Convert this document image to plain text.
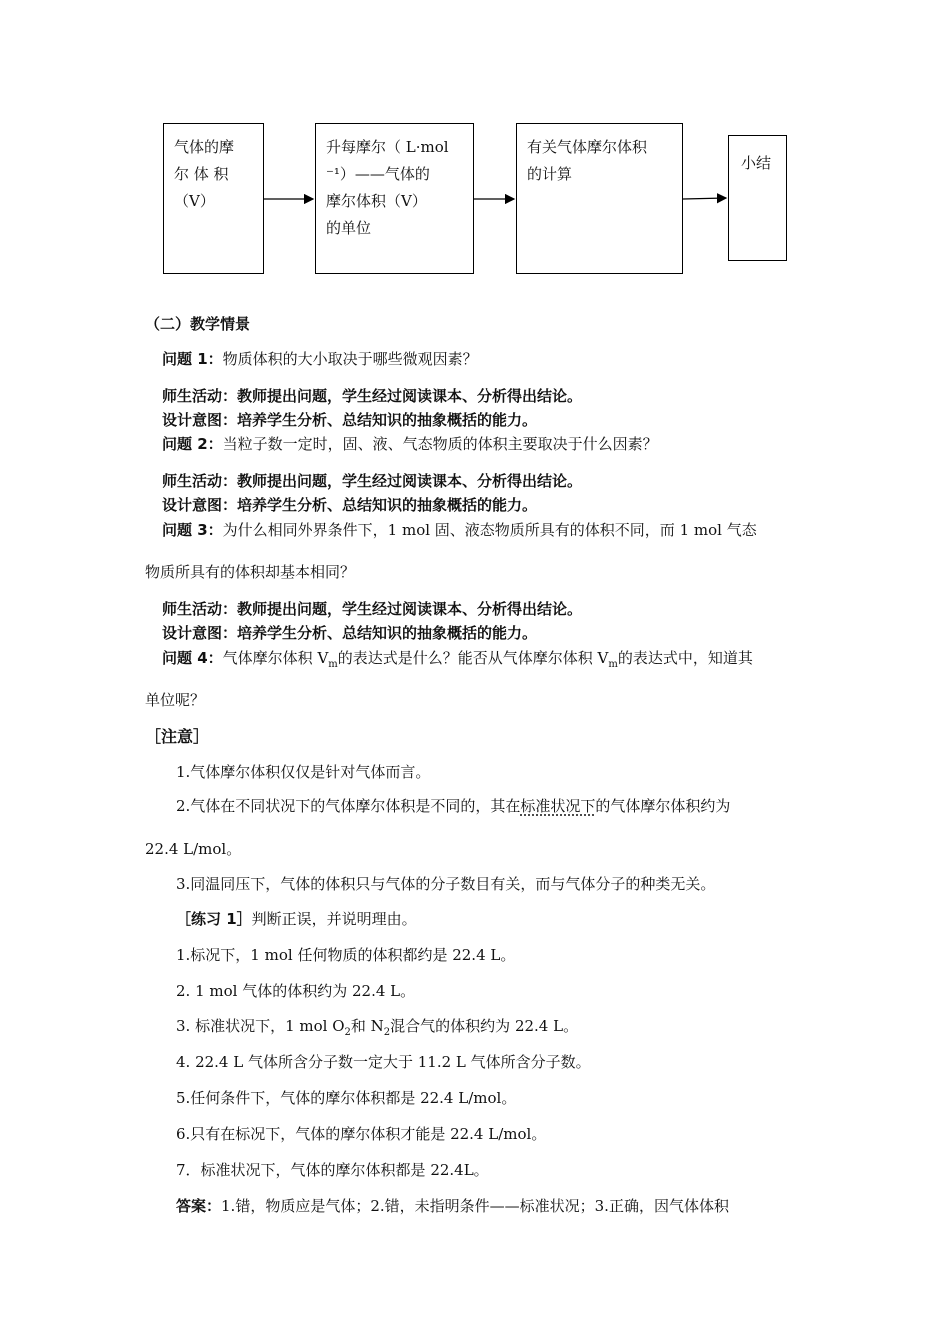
气体的摩
尔 体 积
（V）
升每摩尔（ L·mol
⁻¹）——气体的
摩尔体积（V）
的单位
有关气体摩尔体积
的计算
小结
（二）教学情景
问题 1：物质体积的大小取决于哪些微观因素？
师生活动：教师提出问题，学生经过阅读课本、分析得出结论。
设计意图：培养学生分析、总结知识的抽象概括的能力。
问题 2：当粒子数一定时，固、液、气态物质的体积主要取决于什么因素？
师生活动：教师提出问题，学生经过阅读课本、分析得出结论。
设计意图：培养学生分析、总结知识的抽象概括的能力。
问题 3：为什么相同外界条件下，1 mol 固、液态物质所具有的体积不同，而 1 mol 气态
物质所具有的体积却基本相同？
师生活动：教师提出问题，学生经过阅读课本、分析得出结论。
设计意图：培养学生分析、总结知识的抽象概括的能力。
问题 4：气体摩尔体积 $V_m$的表达式是什么？能否从气体摩尔体积 $V_m$的表达式中，知道其
单位呢？
［注意］
1.气体摩尔体积仅仅是针对气体而言。
2.气体在不同状况下的气体摩尔体积是不同的，其在标准状况下的气体摩尔体积约为
22.4 L/mol。
3.同温同压下，气体的体积只与气体的分子数目有关，而与气体分子的种类无关。
［练习 1］判断正误，并说明理由。
1.标况下，1 mol 任何物质的体积都约是 22.4 L。
2. 1 mol 气体的体积约为 22.4 L。
3. 标准状况下，1 mol $O_2$和 $N_2$混合气的体积约为 22.4 L。
4. 22.4 L 气体所含分子数一定大于 11.2 L 气体所含分子数。
5.任何条件下，气体的摩尔体积都是 22.4 L/mol。
6.只有在标况下，气体的摩尔体积才能是 22.4 L/mol。
7．标准状况下，气体的摩尔体积都是 22.4L。
答案：1.错，物质应是气体；2.错，未指明条件——标准状况；3.正确，因气体体积
